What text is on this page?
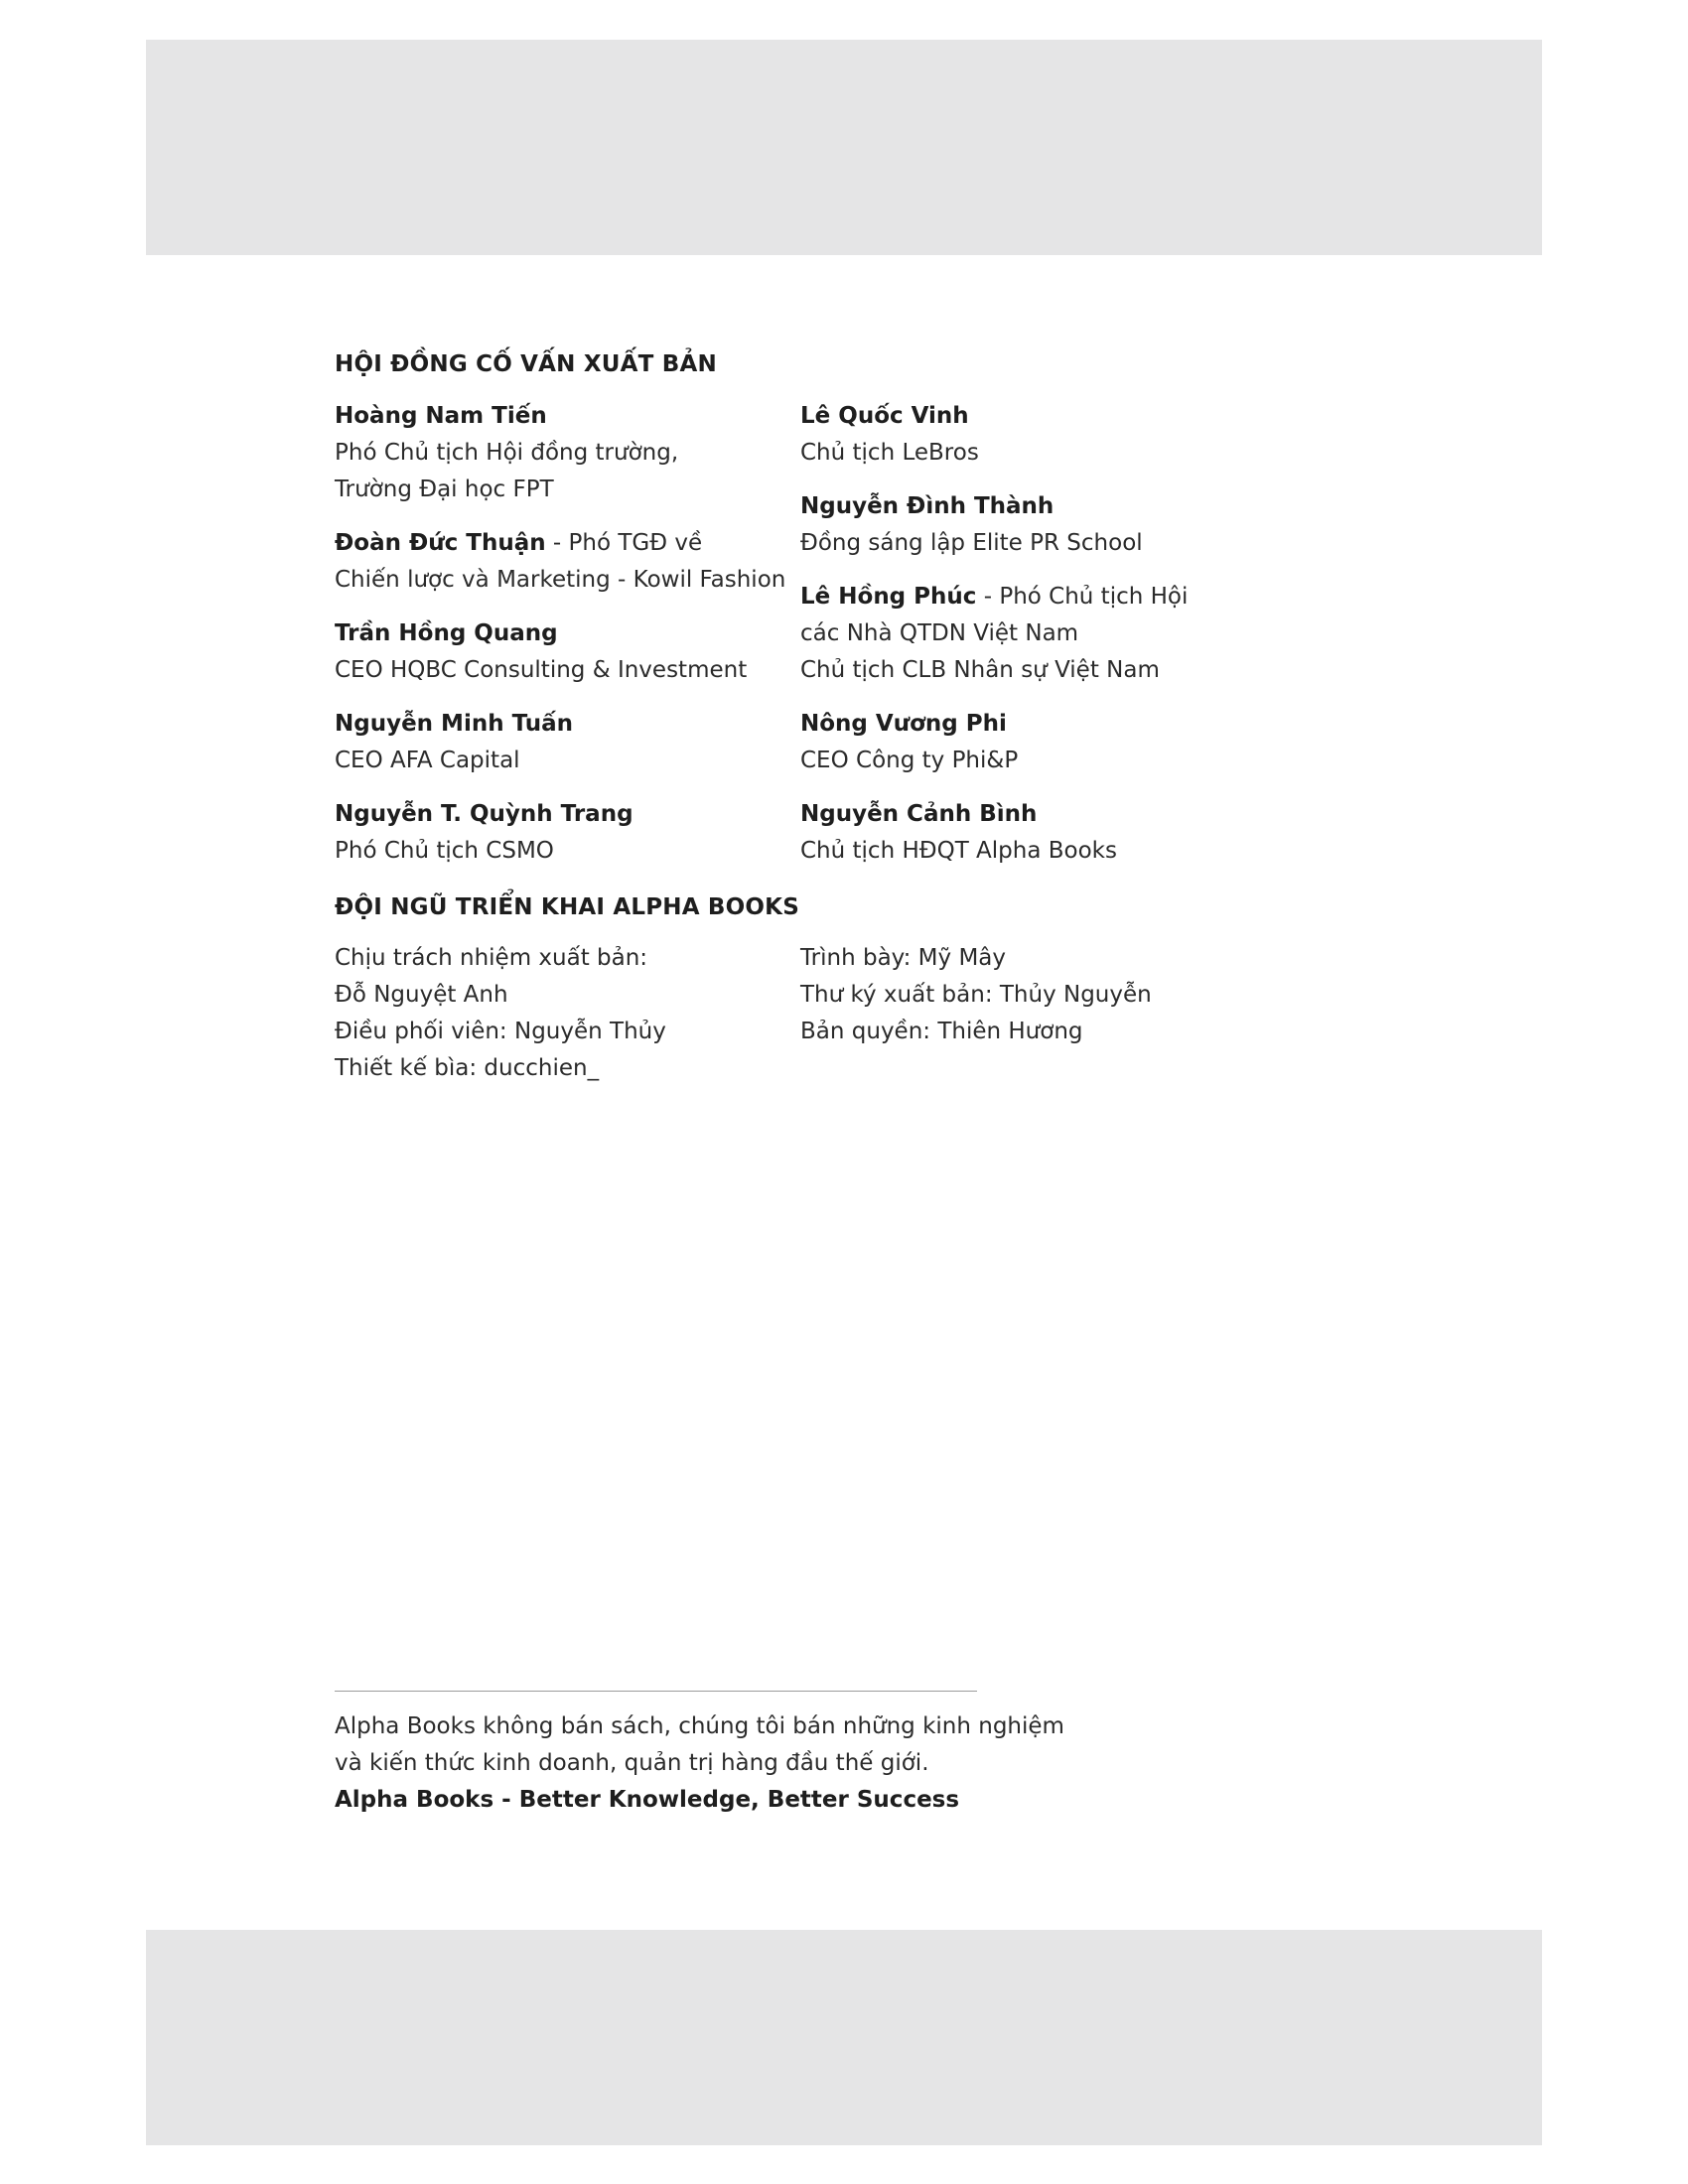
HỘI ĐỒNG CỐ VẤN XUẤT BẢN
Hoàng Nam Tiến
Phó Chủ tịch Hội đồng trường,
Trường Đại học FPT
Đoàn Đức Thuận - Phó TGĐ về
Chiến lược và Marketing - Kowil Fashion
Trần Hồng Quang
CEO HQBC Consulting & Investment
Nguyễn Minh Tuấn
CEO AFA Capital
Nguyễn T. Quỳnh Trang
Phó Chủ tịch CSMO
Lê Quốc Vinh
Chủ tịch LeBros
Nguyễn Đình Thành
Đồng sáng lập Elite PR School
Lê Hồng Phúc - Phó Chủ tịch Hội
các Nhà QTDN Việt Nam
Chủ tịch CLB Nhân sự Việt Nam
Nông Vương Phi
CEO Công ty Phi&P
Nguyễn Cảnh Bình
Chủ tịch HĐQT Alpha Books
ĐỘI NGŨ TRIỂN KHAI ALPHA BOOKS
Chịu trách nhiệm xuất bản:
Đỗ Nguyệt Anh
Điều phối viên: Nguyễn Thủy
Thiết kế bìa: ducchien_
Trình bày: Mỹ Mây
Thư ký xuất bản: Thủy Nguyễn
Bản quyền: Thiên Hương
Alpha Books không bán sách, chúng tôi bán những kinh nghiệm
và kiến thức kinh doanh, quản trị hàng đầu thế giới.
Alpha Books - Better Knowledge, Better Success
